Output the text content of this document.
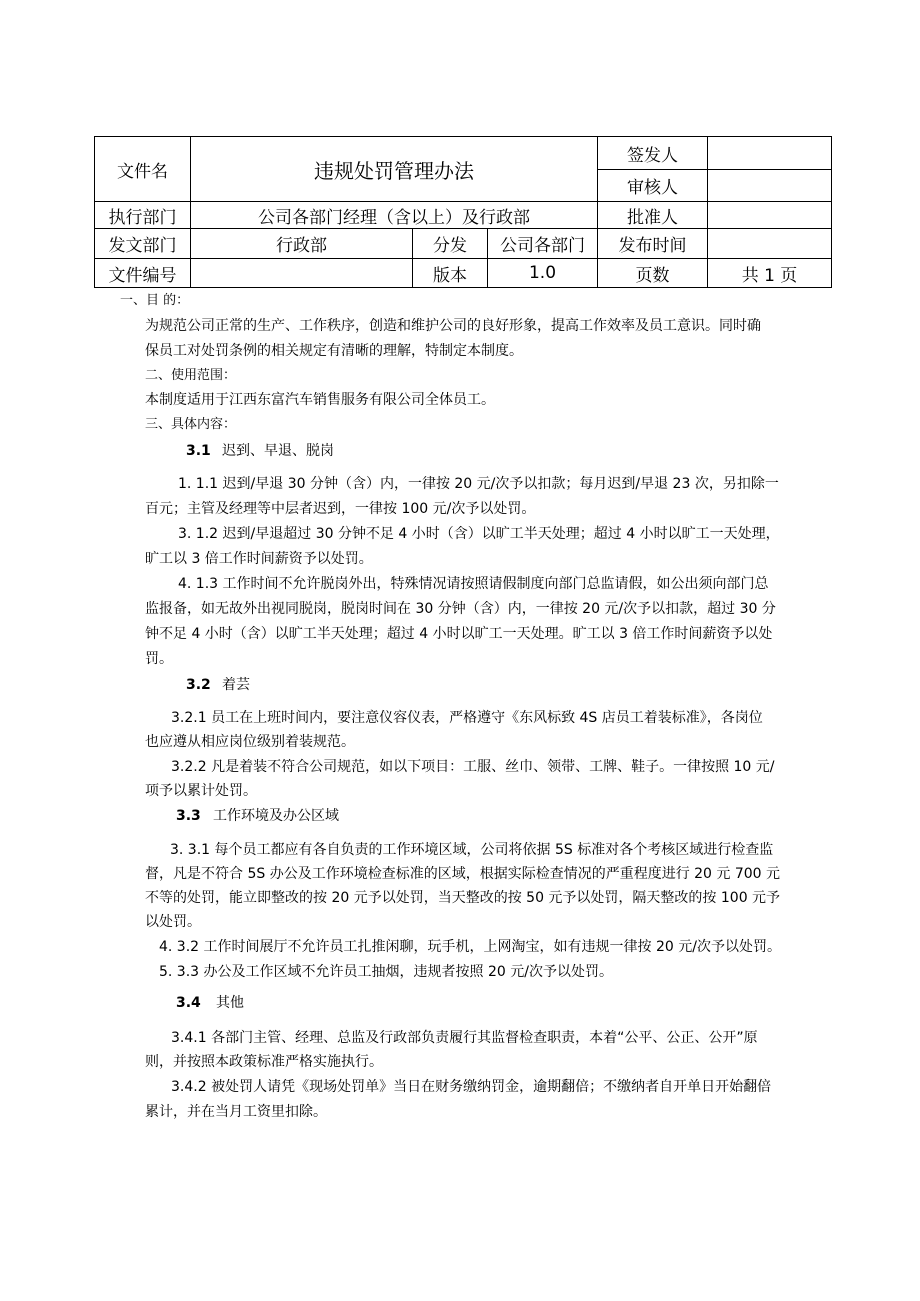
文件名	违规处罚管理办法			签发人	
				审核人	
执行部门	公司各部门经理（含以上）及行政部			批准人	
发文部门	行政部	分发	公司各部门	发布时间	
文件编号		版本	1.0	页数	共 1 页
一、目 的：
为规范公司正常的生产、工作秩序，创造和维护公司的良好形象，提高工作效率及员工意识。同时确
保员工对处罚条例的相关规定有清晰的理解，特制定本制度。
二、使用范围：
本制度适用于江西东富汽车销售服务有限公司全体员工。
三、具体内容：
3.1 迟到、早退、脱岗
1. 1.1 迟到/早退 30 分钟（含）内，一律按 20 元/次予以扣款；每月迟到/早退 23 次，另扣除一
百元；主管及经理等中层者迟到，一律按 100 元/次予以处罚。
3. 1.2 迟到/早退超过 30 分钟不足 4 小时（含）以旷工半天处理；超过 4 小时以旷工一天处理，
旷工以 3 倍工作时间薪资予以处罚。
4. 1.3 工作时间不允许脱岗外出，特殊情况请按照请假制度向部门总监请假，如公出须向部门总
监报备，如无故外出视同脱岗，脱岗时间在 30 分钟（含）内，一律按 20 元/次予以扣款，超过 30 分
钟不足 4 小时（含）以旷工半天处理；超过 4 小时以旷工一天处理。旷工以 3 倍工作时间薪资予以处
罚。
3.2 着芸
3.2.1 员工在上班时间内，要注意仪容仪表，严格遵守《东风标致 4S 店员工着装标准》，各岗位
也应遵从相应岗位级别着装规范。
3.2.2 凡是着装不符合公司规范，如以下项目：工服、丝巾、领带、工牌、鞋子。一律按照 10 元/
项予以累计处罚。
3.3 工作环境及办公区域
3. 3.1 每个员工都应有各自负责的工作环境区域，公司将依据 5S 标准对各个考核区域进行检查监
督，凡是不符合 5S 办公及工作环境检查标准的区域，根据实际检查情况的严重程度进行 20 元 700 元
不等的处罚，能立即整改的按 20 元予以处罚，当天整改的按 50 元予以处罚，隔天整改的按 100 元予
以处罚。
4. 3.2 工作时间展厅不允许员工扎推闲聊，玩手机，上网淘宝，如有违规一律按 20 元/次予以处罚。
5. 3.3 办公及工作区域不允许员工抽烟，违规者按照 20 元/次予以处罚。
3.4 其他
3.4.1 各部门主管、经理、总监及行政部负责履行其监督检查职责，本着“公平、公正、公开”原
则，并按照本政策标准严格实施执行。
3.4.2 被处罚人请凭《现场处罚单》当日在财务缴纳罚金，逾期翻倍；不缴纳者自开单日开始翻倍
累计，并在当月工资里扣除。
